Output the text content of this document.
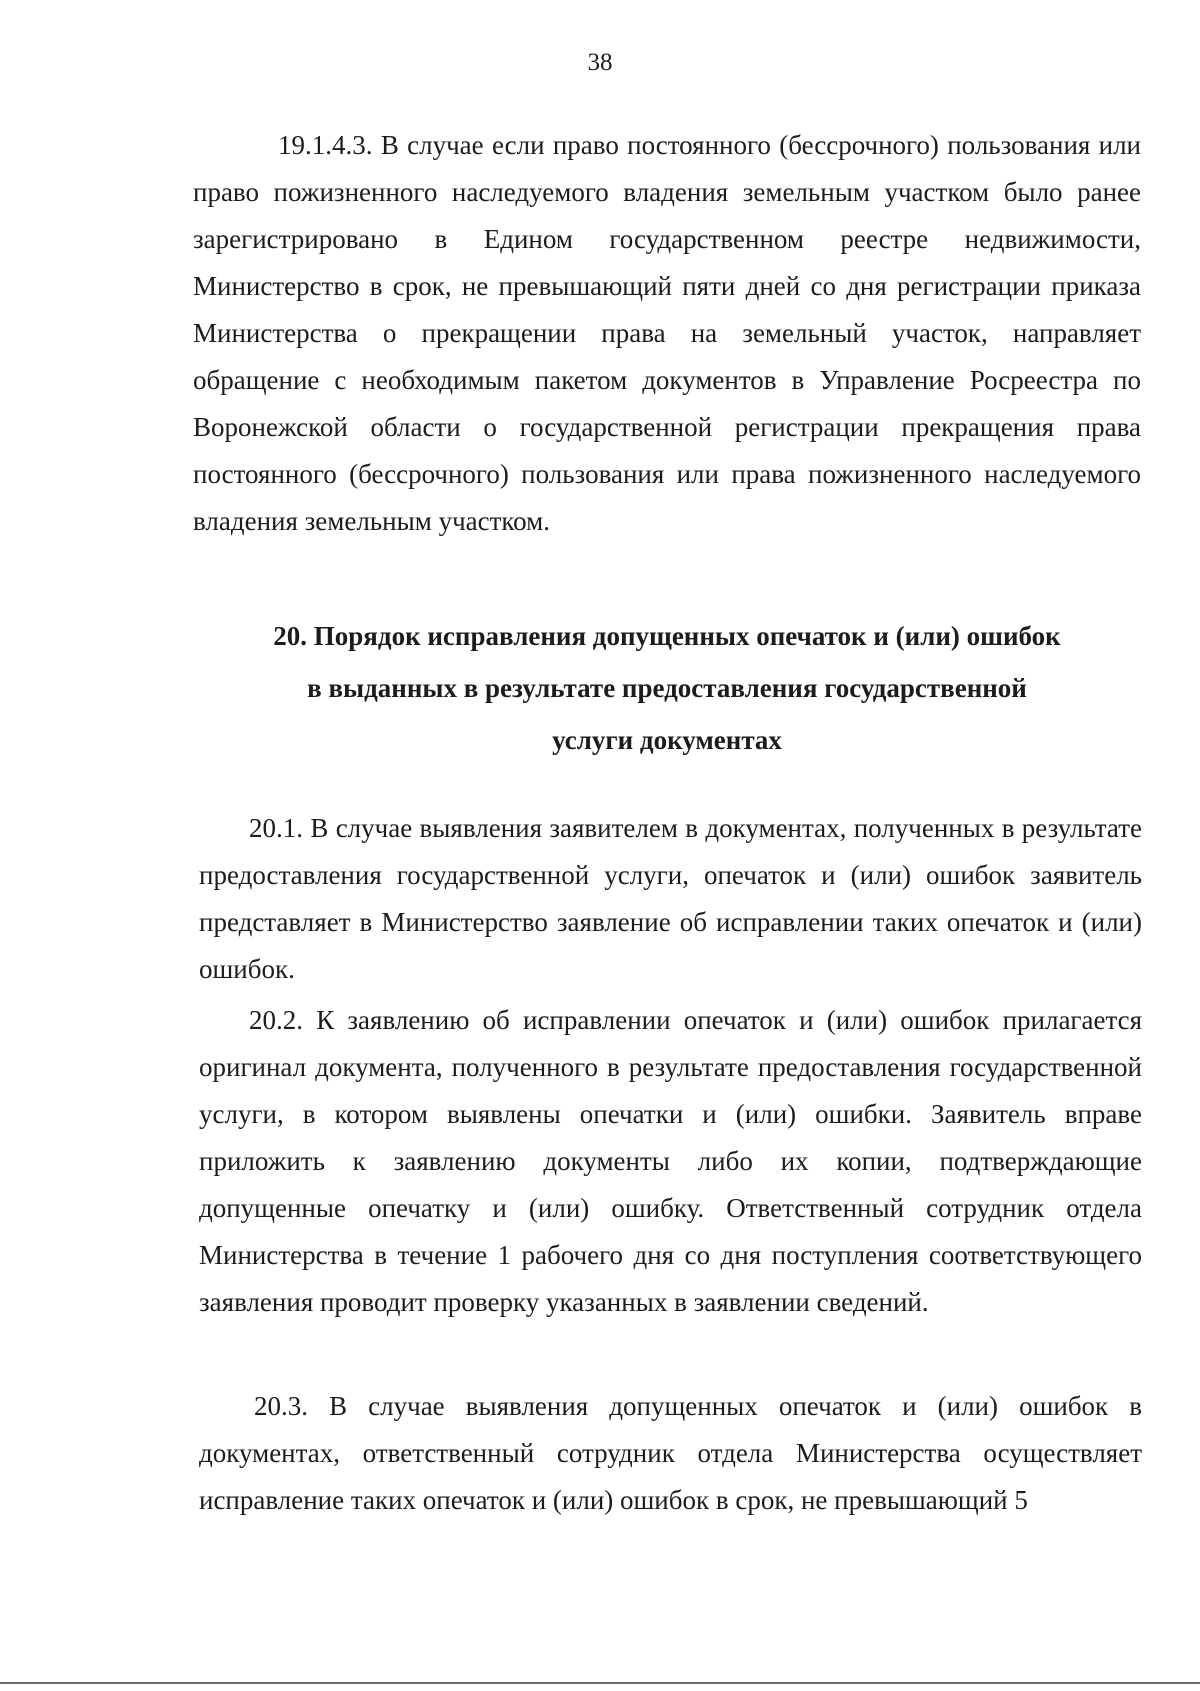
38

19.1.4.3. В случае если право постоянного (бессрочного) пользования или право пожизненного наследуемого владения земельным участком было ранее зарегистрировано в Едином государственном реестре недвижимости, Министерство в срок, не превышающий пяти дней со дня регистрации приказа Министерства о прекращении права на земельный участок, направляет обращение с необходимым пакетом документов в Управление Росреестра по Воронежской области о государственной регистрации прекращения права постоянного (бессрочного) пользования или права пожизненного наследуемого владения земельным участком.

20. Порядок исправления допущенных опечаток и (или) ошибок
в выданных в результате предоставления государственной
услуги документах

20.1. В случае выявления заявителем в документах, полученных в результате предоставления государственной услуги, опечаток и (или) ошибок заявитель представляет в Министерство заявление об исправлении таких опечаток и (или) ошибок.

20.2. К заявлению об исправлении опечаток и (или) ошибок прилагается оригинал документа, полученного в результате предоставления государственной услуги, в котором выявлены опечатки и (или) ошибки. Заявитель вправе приложить к заявлению документы либо их копии, подтверждающие допущенные опечатку и (или) ошибку. Ответственный сотрудник отдела Министерства в течение 1 рабочего дня со дня поступления соответствующего заявления проводит проверку указанных в заявлении сведений.

20.3. В случае выявления допущенных опечаток и (или) ошибок в документах, ответственный сотрудник отдела Министерства осуществляет исправление таких опечаток и (или) ошибок в срок, не превышающий 5
